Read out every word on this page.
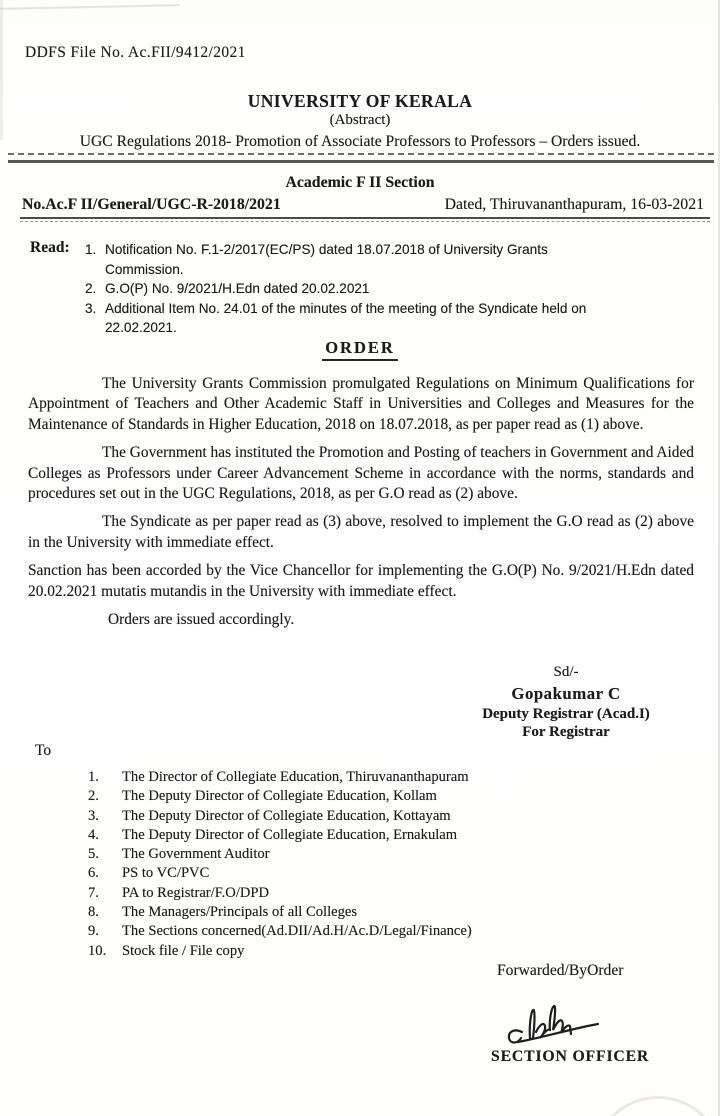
DDFS File No. Ac.FII/9412/2021
UNIVERSITY OF KERALA
(Abstract)
UGC Regulations 2018- Promotion of Associate Professors to Professors – Orders issued.
Academic F II Section
No.Ac.F II/General/UGC-R-2018/2021	Dated, Thiruvananthapuram, 16-03-2021
Read: 1. Notification No. F.1-2/2017(EC/PS) dated 18.07.2018 of University Grants Commission.
2. G.O(P) No. 9/2021/H.Edn dated 20.02.2021
3. Additional Item No. 24.01 of the minutes of the meeting of the Syndicate held on 22.02.2021.
ORDER

The University Grants Commission promulgated Regulations on Minimum Qualifications for Appointment of Teachers and Other Academic Staff in Universities and Colleges and Measures for the Maintenance of Standards in Higher Education, 2018 on 18.07.2018, as per paper read as (1) above.

The Government has instituted the Promotion and Posting of teachers in Government and Aided Colleges as Professors under Career Advancement Scheme in accordance with the norms, standards and procedures set out in the UGC Regulations, 2018, as per G.O read as (2) above.

The Syndicate as per paper read as (3) above, resolved to implement the G.O read as (2) above in the University with immediate effect.

Sanction has been accorded by the Vice Chancellor for implementing the G.O(P) No. 9/2021/H.Edn dated 20.02.2021 mutatis mutandis in the University with immediate effect.

Orders are issued accordingly.

Sd/-
Gopakumar C
Deputy Registrar (Acad.I)
For Registrar
To
1.	The Director of Collegiate Education, Thiruvananthapuram
2.	The Deputy Director of Collegiate Education, Kollam
3.	The Deputy Director of Collegiate Education, Kottayam
4.	The Deputy Director of Collegiate Education, Ernakulam
5.	The Government Auditor
6.	PS to VC/PVC
7.	PA to Registrar/F.O/DPD
8.	The Managers/Principals of all Colleges
9.	The Sections concerned(Ad.DII/Ad.H/Ac.D/Legal/Finance)
10.	Stock file / File copy
Forwarded/ByOrder
SECTION OFFICER
